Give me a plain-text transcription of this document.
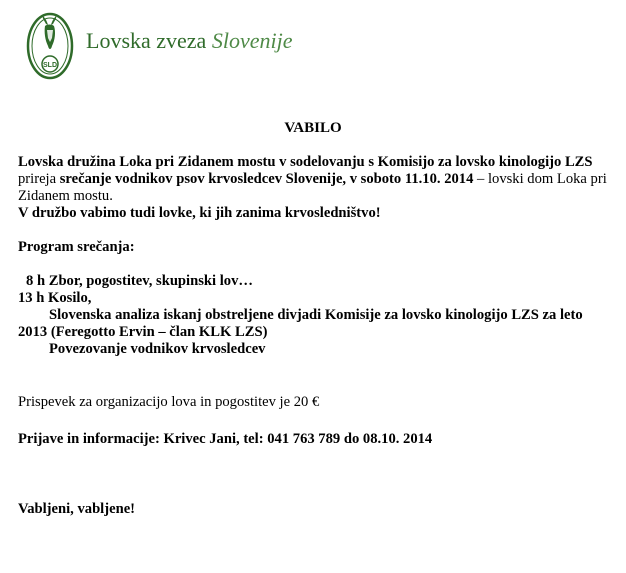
SLD
Lovska zveza Slovenije
VABILO

Lovska družina Loka pri Zidanem mostu v sodelovanju s Komisijo za lovsko kinologijo LZS prireja srečanje vodnikov psov krvosledcev Slovenije, v soboto 11.10. 2014 – lovski dom Loka pri Zidanem mostu.

V družbo vabimo tudi lovke, ki jih zanima krvosledništvo!

Program srečanja:

8 h Zbor, pogostitev, skupinski lov…

13 h Kosilo,

Slovenska analiza iskanj obstreljene divjadi Komisije za lovsko kinologijo LZS za leto 2013 (Feregotto Ervin – član KLK LZS)

Povezovanje vodnikov krvosledcev

Prispevek za organizacijo lova in pogostitev je 20 €

Prijave in informacije: Krivec Jani, tel: 041 763 789 do 08.10. 2014

Vabljeni, vabljene!
